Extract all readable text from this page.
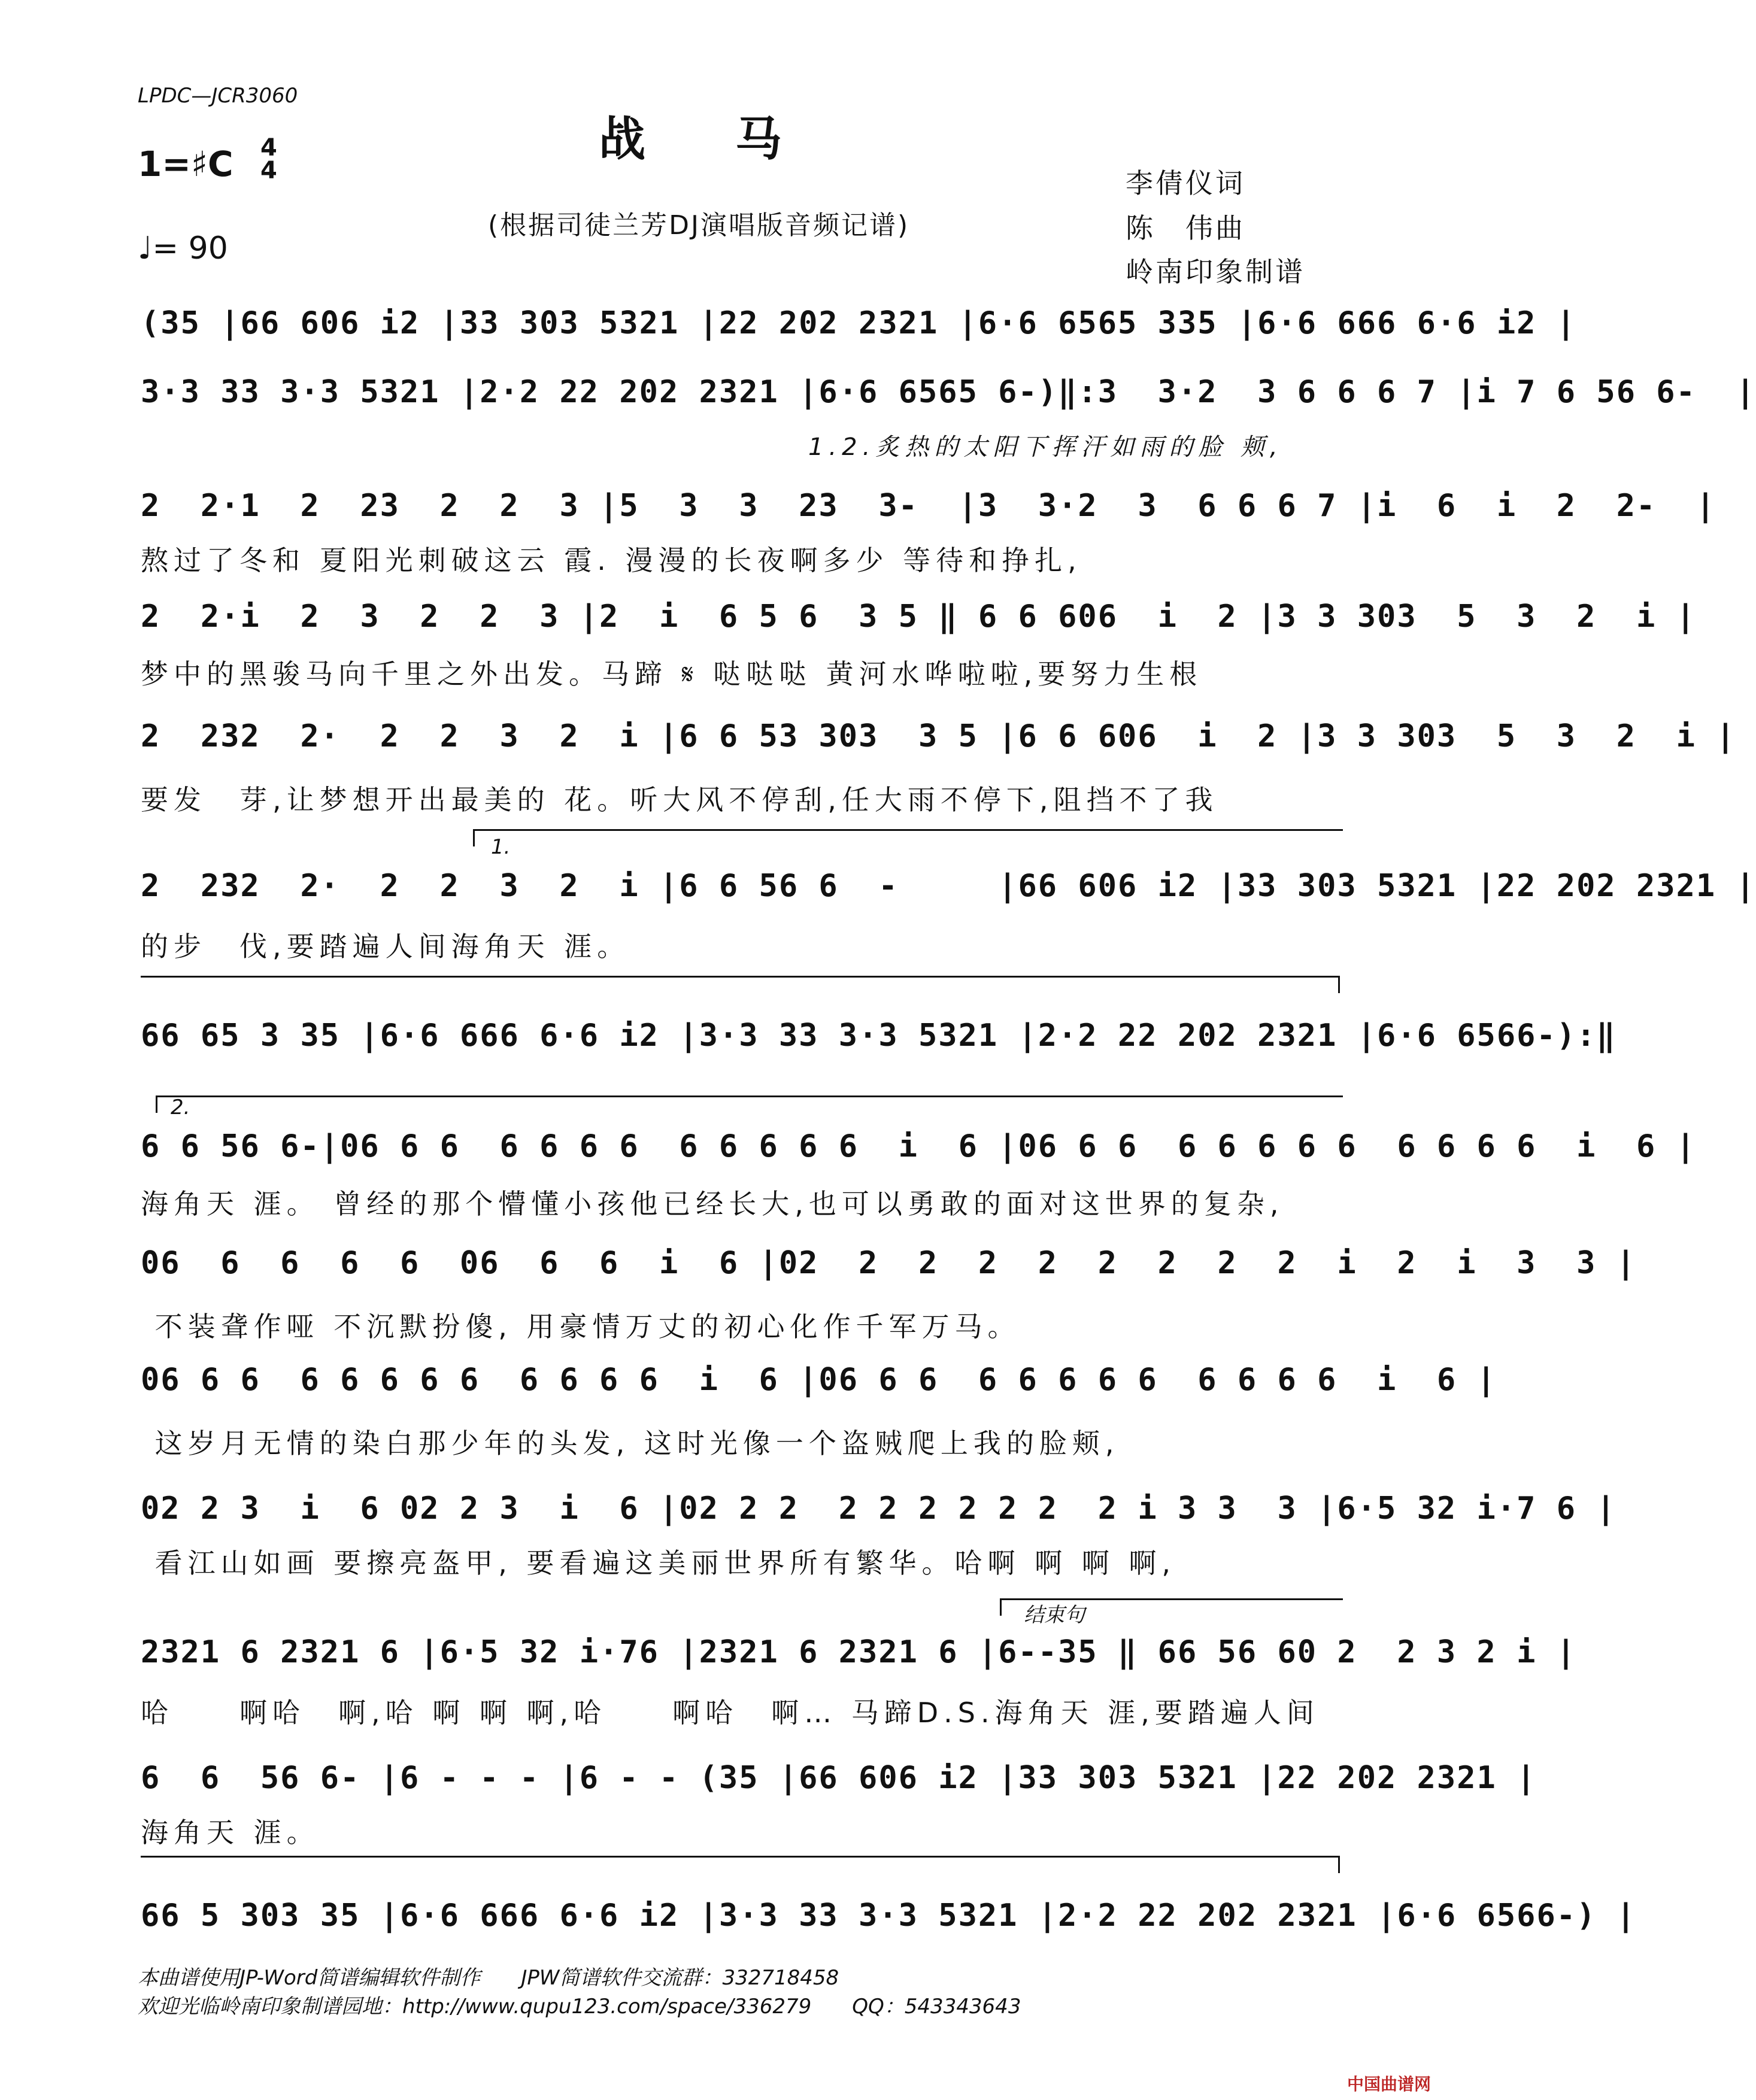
LPDC—JCR3060
战马
1=♯C 4
4
♩= 90
(根据司徒兰芳DJ演唱版音频记谱)
李倩仪词
陈　伟曲
岭南印象制谱
(35 |66 606 i2 |33 303 5321 |22 202 2321 |6·6 6565 335 |6·6 666 6·6 i2 |
3·3 33 3·3 5321 |2·2 22 202 2321 |6·6 6565 6-)‖:3  3·2  3 6 6 6 7 |i 7 6 56 6-  |
1.2.炙热的太阳下挥汗如雨的脸 颊,
2  2·1  2  23  2  2  3 |5  3  3  23  3-  |3  3·2  3  6 6 6 7 |i  6  i  2  2-  |
熬过了冬和 夏阳光刺破这云 霞. 漫漫的长夜啊多少 等待和挣扎,
2  2·i  2  3  2  2  3 |2  i  6 5 6  3 5 ‖ 6 6 606  i  2 |3 3 303  5  3  2  i |
梦中的黑骏马向千里之外出发。马蹄 𝄋 哒哒哒 黄河水哗啦啦,要努力生根
2  232  2·  2  2  3  2  i |6 6 53 303  3 5 |6 6 606  i  2 |3 3 303  5  3  2  i |
要发　芽,让梦想开出最美的 花。听大风不停刮,任大雨不停下,阻挡不了我
1.
2  232  2·  2  2  3  2  i |6 6 56 6  -     |66 606 i2 |33 303 5321 |22 202 2321 |
的步　伐,要踏遍人间海角天 涯。
66 65 3 35 |6·6 666 6·6 i2 |3·3 33 3·3 5321 |2·2 22 202 2321 |6·6 6566-):‖
2.
6 6 56 6-|06 6 6  6 6 6 6  6 6 6 6 6  i  6 |06 6 6  6 6 6 6 6  6 6 6 6  i  6 |
海角天 涯。 曾经的那个懵懂小孩他已经长大,也可以勇敢的面对这世界的复杂,
06  6  6  6  6  06  6  6  i  6 |02  2  2  2  2  2  2  2  2  i  2  i  3  3 |
不装聋作哑 不沉默扮傻, 用豪情万丈的初心化作千军万马。
06 6 6  6 6 6 6 6  6 6 6 6  i  6 |06 6 6  6 6 6 6 6  6 6 6 6  i  6 |
这岁月无情的染白那少年的头发, 这时光像一个盗贼爬上我的脸颊,
02 2 3  i  6 02 2 3  i  6 |02 2 2  2 2 2 2 2 2  2 i 3 3  3 |6·5 32 i·7 6 |
看江山如画 要擦亮盔甲, 要看遍这美丽世界所有繁华。哈啊 啊 啊 啊,
结束句
2321 6 2321 6 |6·5 32 i·76 |2321 6 2321 6 |6--35 ‖ 66 56 60 2  2 3 2 i |
哈　　啊哈　啊,哈 啊 啊 啊,哈　　啊哈　啊… 马蹄D.S.海角天 涯,要踏遍人间
6  6  56 6- |6 - - - |6 - - (35 |66 606 i2 |33 303 5321 |22 202 2321 |
海角天 涯。
66 5 303 35 |6·6 666 6·6 i2 |3·3 33 3·3 5321 |2·2 22 202 2321 |6·6 6566-) |
本曲谱使用JP-Word简谱编辑软件制作　　JPW简谱软件交流群：332718458
欢迎光临岭南印象制谱园地：http://www.qupu123.com/space/336279　　QQ：543343643
中国曲谱网
